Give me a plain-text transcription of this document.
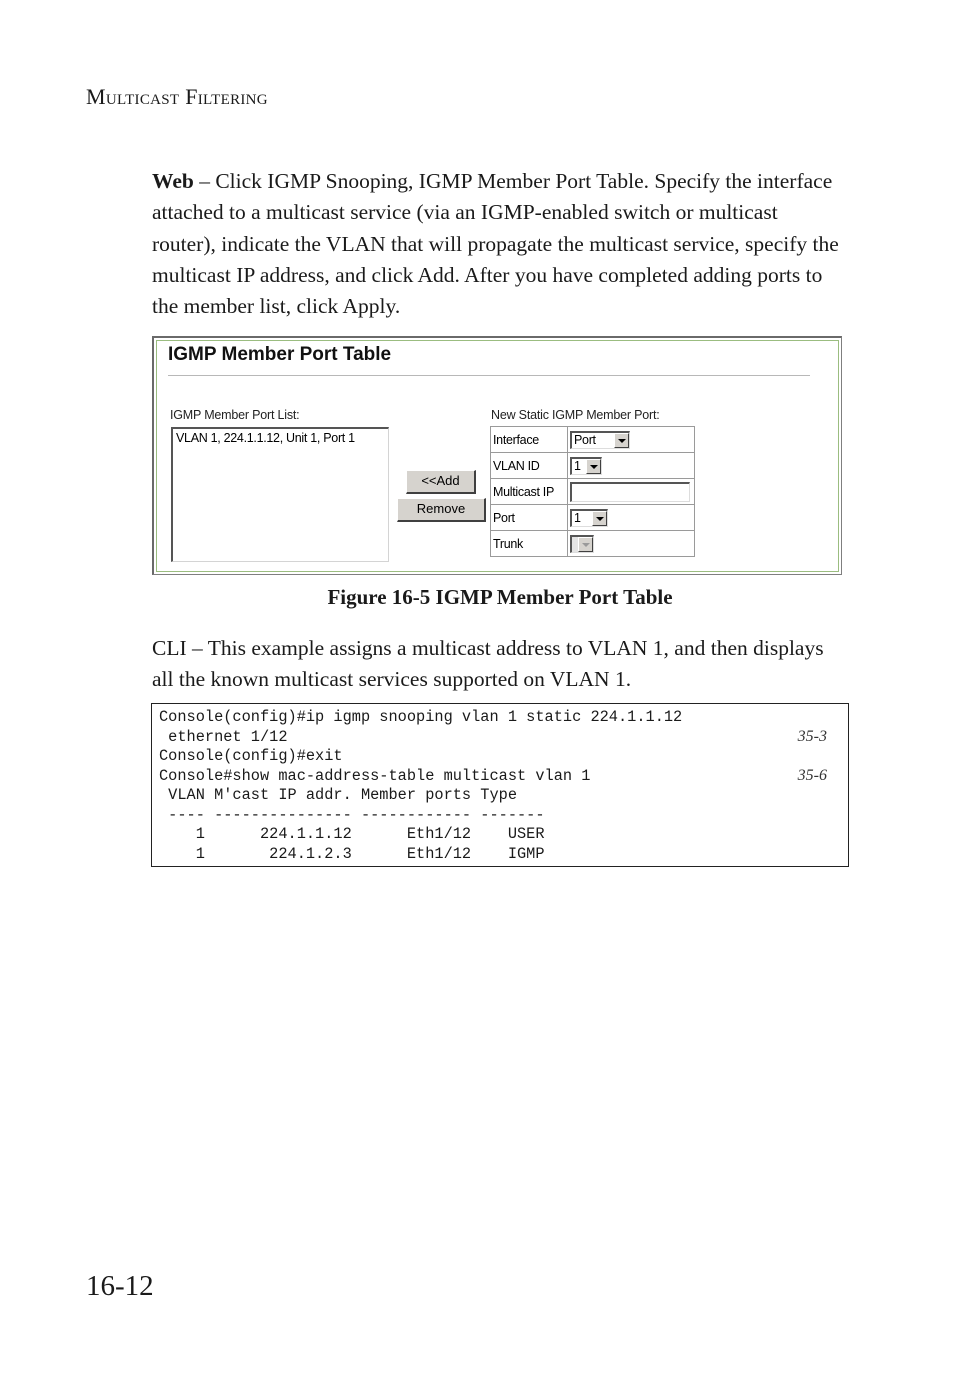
MULTICAST FILTERING
Web – Click IGMP Snooping, IGMP Member Port Table. Specify the interface attached to a multicast service (via an IGMP-enabled switch or multicast router), indicate the VLAN that will propagate the multicast service, specify the multicast IP address, and click Add. After you have completed adding ports to the member list, click Apply.
IGMP Member Port Table
IGMP Member Port List:
VLAN 1, 224.1.1.12, Unit 1, Port 1
<<Add
Remove
New Static IGMP Member Port:
Interface	Port

VLAN ID	1

Multicast IP	
Port	1

Trunk	
Figure 16-5 IGMP Member Port Table
CLI – This example assigns a multicast address to VLAN 1, and then displays all the known multicast services supported on VLAN 1.
Console(config)#ip igmp snooping vlan 1 static 224.1.1.12
ethernet 1/12	35-3
Console(config)#exit
Console#show mac-address-table multicast vlan 1	35-6
VLAN M'cast IP addr. Member ports Type
---- --------------- ------------ -------
1      224.1.1.12      Eth1/12    USER
1       224.1.2.3      Eth1/12    IGMP
16-12
